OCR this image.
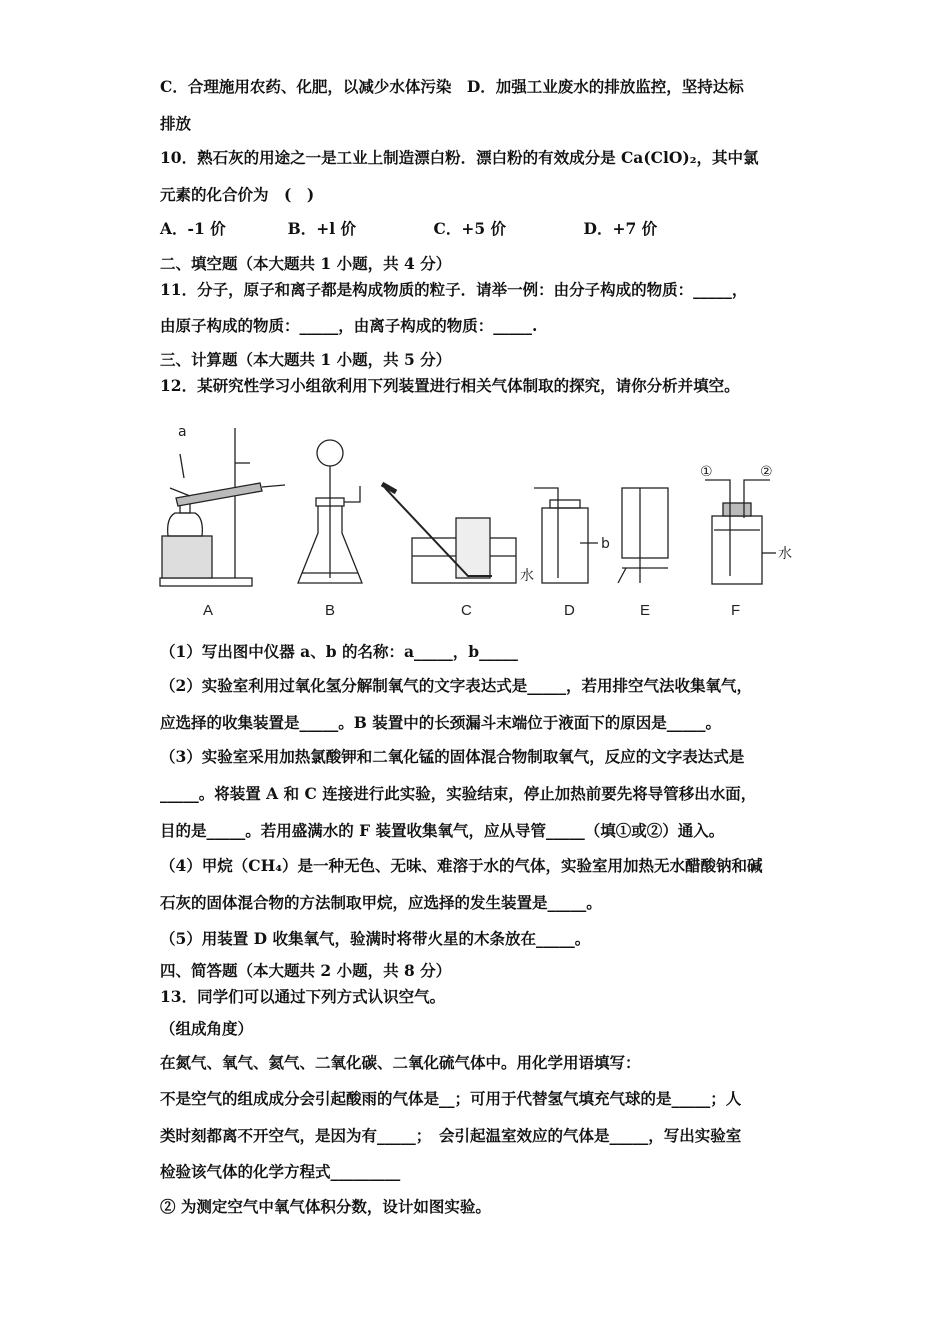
C．合理施用农药、化肥，以减少水体污染　D．加强工业废水的排放监控，坚持达标
排放
10．熟石灰的用途之一是工业上制造漂白粉．漂白粉的有效成分是 Ca(ClO)₂，其中氯
元素的化合价为　(　)
A．-1 价　　　　B．+l 价　　　　　C．+5 价　　　　　D．+7 价
二、填空题（本大题共 1 小题，共 4 分）
11．分子，原子和离子都是构成物质的粒子．请举一例：由分子构成的物质：_____，
由原子构成的物质：_____，由离子构成的物质：_____.
三、计算题（本大题共 1 小题，共 5 分）
12．某研究性学习小组欲利用下列装置进行相关气体制取的探究，请你分析并填空。
a
b
水
水
①	②
A	B	C	D	E	F
（1）写出图中仪器 a、b 的名称：a_____，b_____
（2）实验室利用过氧化氢分解制氧气的文字表达式是_____，若用排空气法收集氧气，
应选择的收集装置是_____。B 装置中的长颈漏斗末端位于液面下的原因是_____。
（3）实验室采用加热氯酸钾和二氧化锰的固体混合物制取氧气，反应的文字表达式是
_____。将装置 A 和 C 连接进行此实验，实验结束，停止加热前要先将导管移出水面，
目的是_____。若用盛满水的 F 装置收集氧气，应从导管_____（填①或②）通入。
（4）甲烷（CH₄）是一种无色、无味、难溶于水的气体，实验室用加热无水醋酸钠和碱
石灰的固体混合物的方法制取甲烷，应选择的发生装置是_____。
（5）用装置 D 收集氧气，验满时将带火星的木条放在_____。
四、简答题（本大题共 2 小题，共 8 分）
13．同学们可以通过下列方式认识空气。
（组成角度）
在氮气、氧气、氦气、二氧化碳、二氧化硫气体中。用化学用语填写：
不是空气的组成成分会引起酸雨的气体是__；可用于代替氢气填充气球的是_____；人
类时刻都离不开空气，是因为有_____；　会引起温室效应的气体是_____，写出实验室
检验该气体的化学方程式_________
② 为测定空气中氧气体积分数，设计如图实验。
